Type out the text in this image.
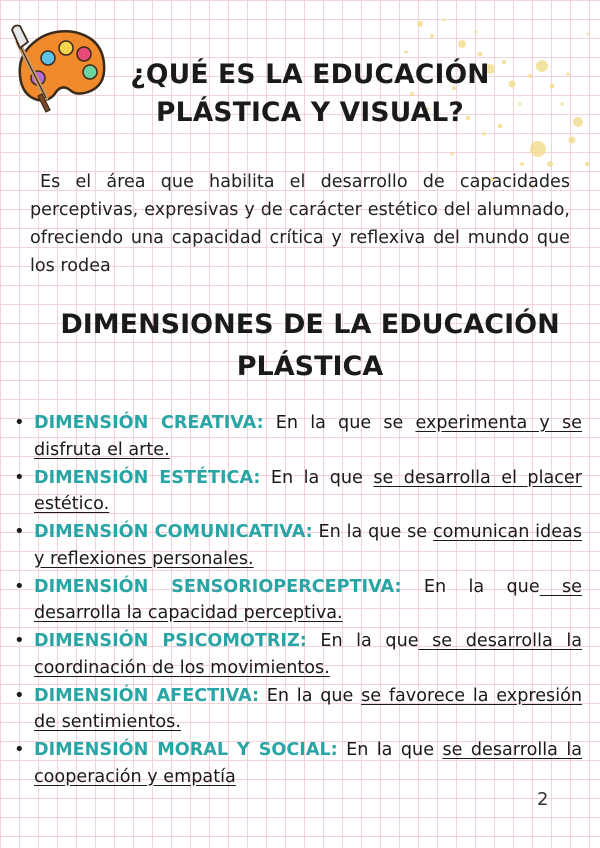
¿QUÉ ES LA EDUCACIÓN PLÁSTICA Y VISUAL?
Es el área que habilita el desarrollo de capacidades perceptivas, expresivas y de carácter estético del alumnado, ofreciendo una capacidad crítica y reflexiva del mundo que los rodea
DIMENSIONES DE LA EDUCACIÓN PLÁSTICA
• DIMENSIÓN CREATIVA: En la que se experimenta y se disfruta el arte.
• DIMENSIÓN ESTÉTICA: En la que se desarrolla el placer estético.
• DIMENSIÓN COMUNICATIVA: En la que se comunican ideas y reflexiones personales.
• DIMENSIÓN SENSORIOPERCEPTIVA: En la que se desarrolla la capacidad perceptiva.
• DIMENSIÓN PSICOMOTRIZ: En la que se desarrolla la coordinación de los movimientos.
• DIMENSIÓN AFECTIVA: En la que se favorece la expresión de sentimientos.
• DIMENSIÓN MORAL Y SOCIAL: En la que se desarrolla la cooperación y empatía
2
